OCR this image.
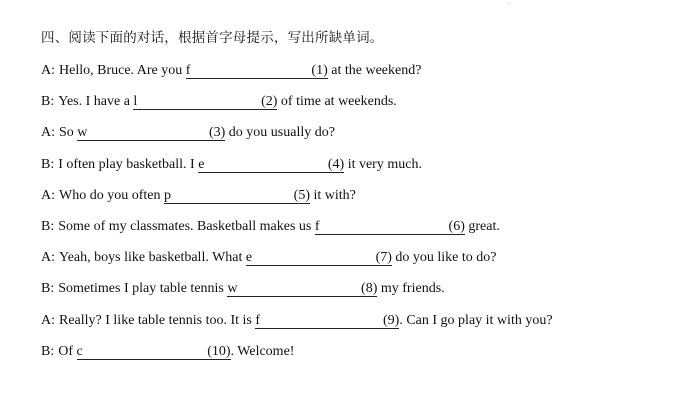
四、阅读下面的对话，根据首字母提示，写出所缺单词。
A: Hello, Bruce. Are you f	(1) at the weekend?
B: Yes. I have a l	(2) of time at weekends.
A: So w	(3) do you usually do?
B: I often play basketball. I e	(4) it very much.
A: Who do you often p	(5) it with?
B: Some of my classmates. Basketball makes us f	(6) great.
A: Yeah, boys like basketball. What e	(7) do you like to do?
B: Sometimes I play table tennis w	(8) my friends.
A: Really? I like table tennis too. It is f	(9) . Can I go play it with you?
B: Of c	(10) . Welcome!
